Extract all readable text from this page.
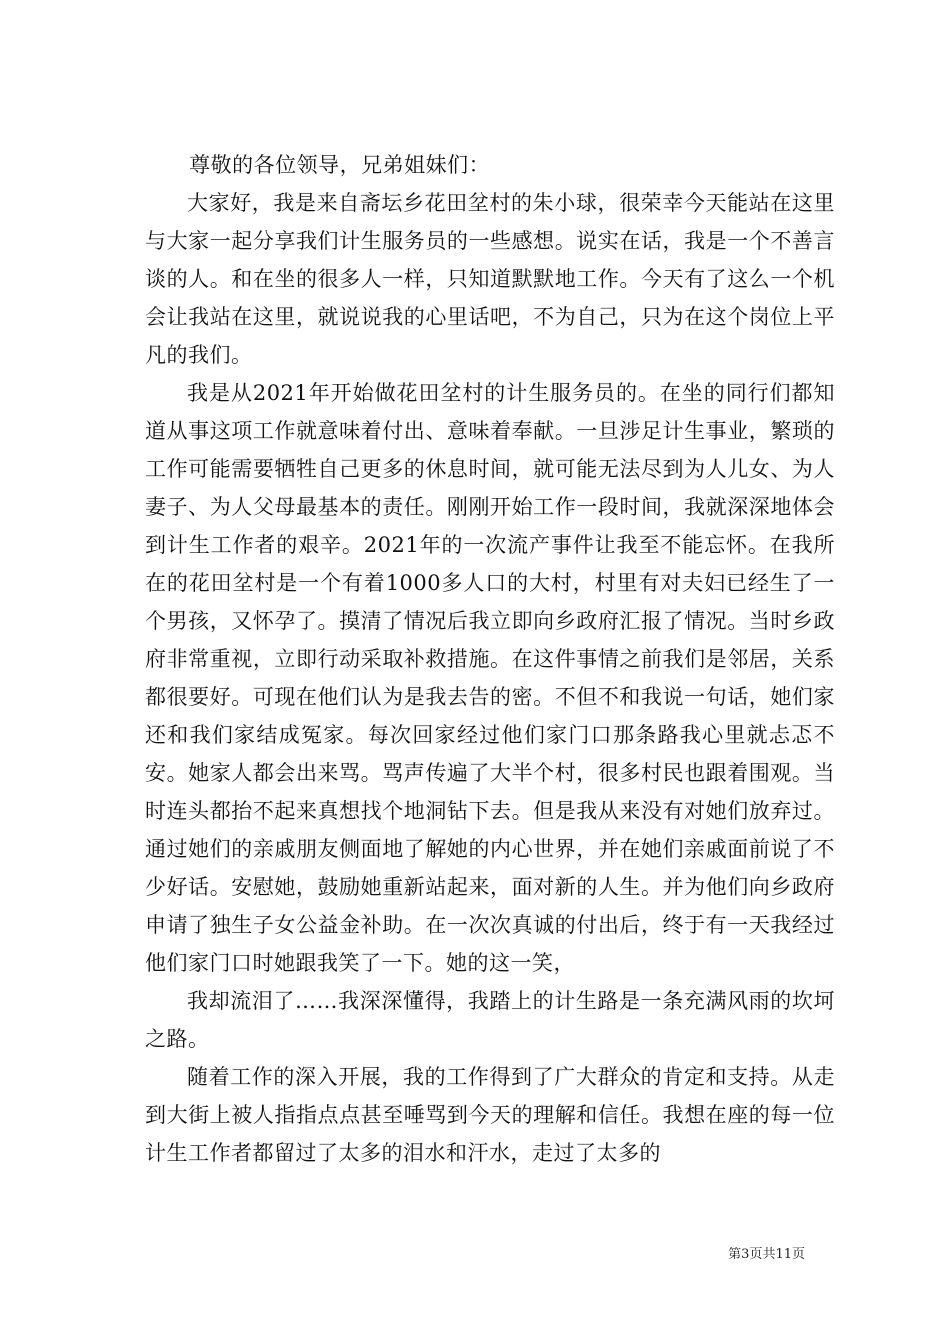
尊敬的各位领导，兄弟姐妹们：

大家好，我是来自斋坛乡花田坌村的朱小球，很荣幸今天能站在这里与大家一起分享我们计生服务员的一些感想。说实在话，我是一个不善言谈的人。和在坐的很多人一样，只知道默默地工作。今天有了这么一个机会让我站在这里，就说说我的心里话吧，不为自己，只为在这个岗位上平凡的我们。

我是从2021年开始做花田坌村的计生服务员的。在坐的同行们都知道从事这项工作就意味着付出、意味着奉献。一旦涉足计生事业，繁琐的工作可能需要牺牲自己更多的休息时间，就可能无法尽到为人儿女、为人妻子、为人父母最基本的责任。刚刚开始工作一段时间，我就深深地体会到计生工作者的艰辛。2021年的一次流产事件让我至不能忘怀。在我所在的花田坌村是一个有着1000多人口的大村，村里有对夫妇已经生了一个男孩，又怀孕了。摸清了情况后我立即向乡政府汇报了情况。当时乡政府非常重视，立即行动采取补救措施。在这件事情之前我们是邻居，关系都很要好。可现在他们认为是我去告的密。不但不和我说一句话，她们家还和我们家结成冤家。每次回家经过他们家门口那条路我心里就忐忑不安。她家人都会出来骂。骂声传遍了大半个村，很多村民也跟着围观。当时连头都抬不起来真想找个地洞钻下去。但是我从来没有对她们放弃过。通过她们的亲戚朋友侧面地了解她的内心世界，并在她们亲戚面前说了不少好话。安慰她，鼓励她重新站起来，面对新的人生。并为他们向乡政府申请了独生子女公益金补助。在一次次真诚的付出后，终于有一天我经过他们家门口时她跟我笑了一下。她的这一笑，

我却流泪了……我深深懂得，我踏上的计生路是一条充满风雨的坎坷之路。

随着工作的深入开展，我的工作得到了广大群众的肯定和支持。从走到大街上被人指指点点甚至唾骂到今天的理解和信任。我想在座的每一位计生工作者都留过了太多的泪水和汗水，走过了太多的

第3页共11页
